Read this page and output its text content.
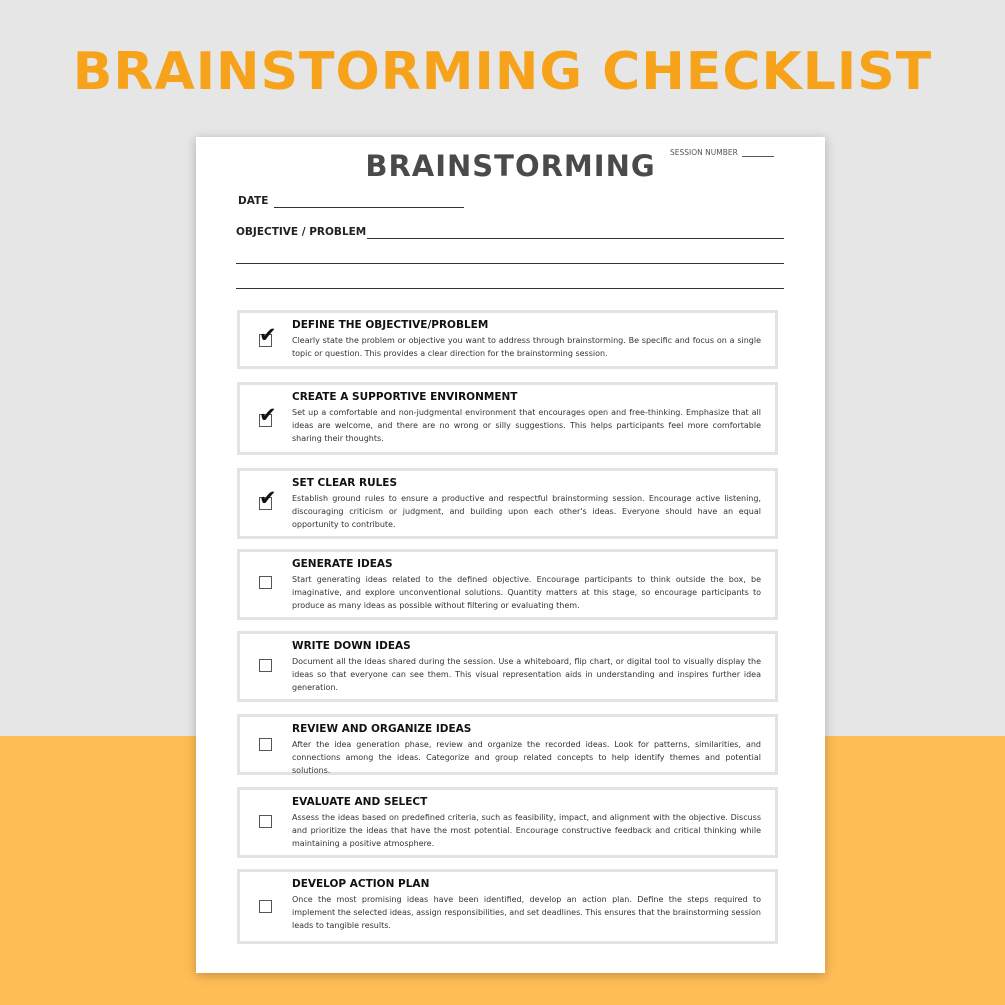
BRAINSTORMING CHECKLIST
BRAINSTORMING	SESSION NUMBER
DATE
OBJECTIVE / PROBLEM
✔ DEFINE THE OBJECTIVE/PROBLEM
Clearly state the problem or objective you want to address through brainstorming. Be specific and focus on a single topic or question. This provides a clear direction for the brainstorming session.
✔
CREATE A SUPPORTIVE ENVIRONMENT
Set up a comfortable and non-judgmental environment that encourages open and free-thinking. Emphasize that all ideas are welcome, and there are no wrong or silly suggestions. This helps participants feel more comfortable sharing their thoughts.
✔
SET CLEAR RULES
Establish ground rules to ensure a productive and respectful brainstorming session. Encourage active listening, discouraging criticism or judgment, and building upon each other's ideas. Everyone should have an equal opportunity to contribute.
GENERATE IDEAS
Start generating ideas related to the defined objective. Encourage participants to think outside the box, be imaginative, and explore unconventional solutions. Quantity matters at this stage, so encourage participants to produce as many ideas as possible without filtering or evaluating them.
WRITE DOWN IDEAS
Document all the ideas shared during the session. Use a whiteboard, flip chart, or digital tool to visually display the ideas so that everyone can see them. This visual representation aids in understanding and inspires further idea generation.
REVIEW AND ORGANIZE IDEAS
After the idea generation phase, review and organize the recorded ideas. Look for patterns, similarities, and connections among the ideas. Categorize and group related concepts to help identify themes and potential solutions.
EVALUATE AND SELECT
Assess the ideas based on predefined criteria, such as feasibility, impact, and alignment with the objective. Discuss and prioritize the ideas that have the most potential. Encourage constructive feedback and critical thinking while maintaining a positive atmosphere.
DEVELOP ACTION PLAN
Once the most promising ideas have been identified, develop an action plan. Define the steps required to implement the selected ideas, assign responsibilities, and set deadlines. This ensures that the brainstorming session leads to tangible results.
